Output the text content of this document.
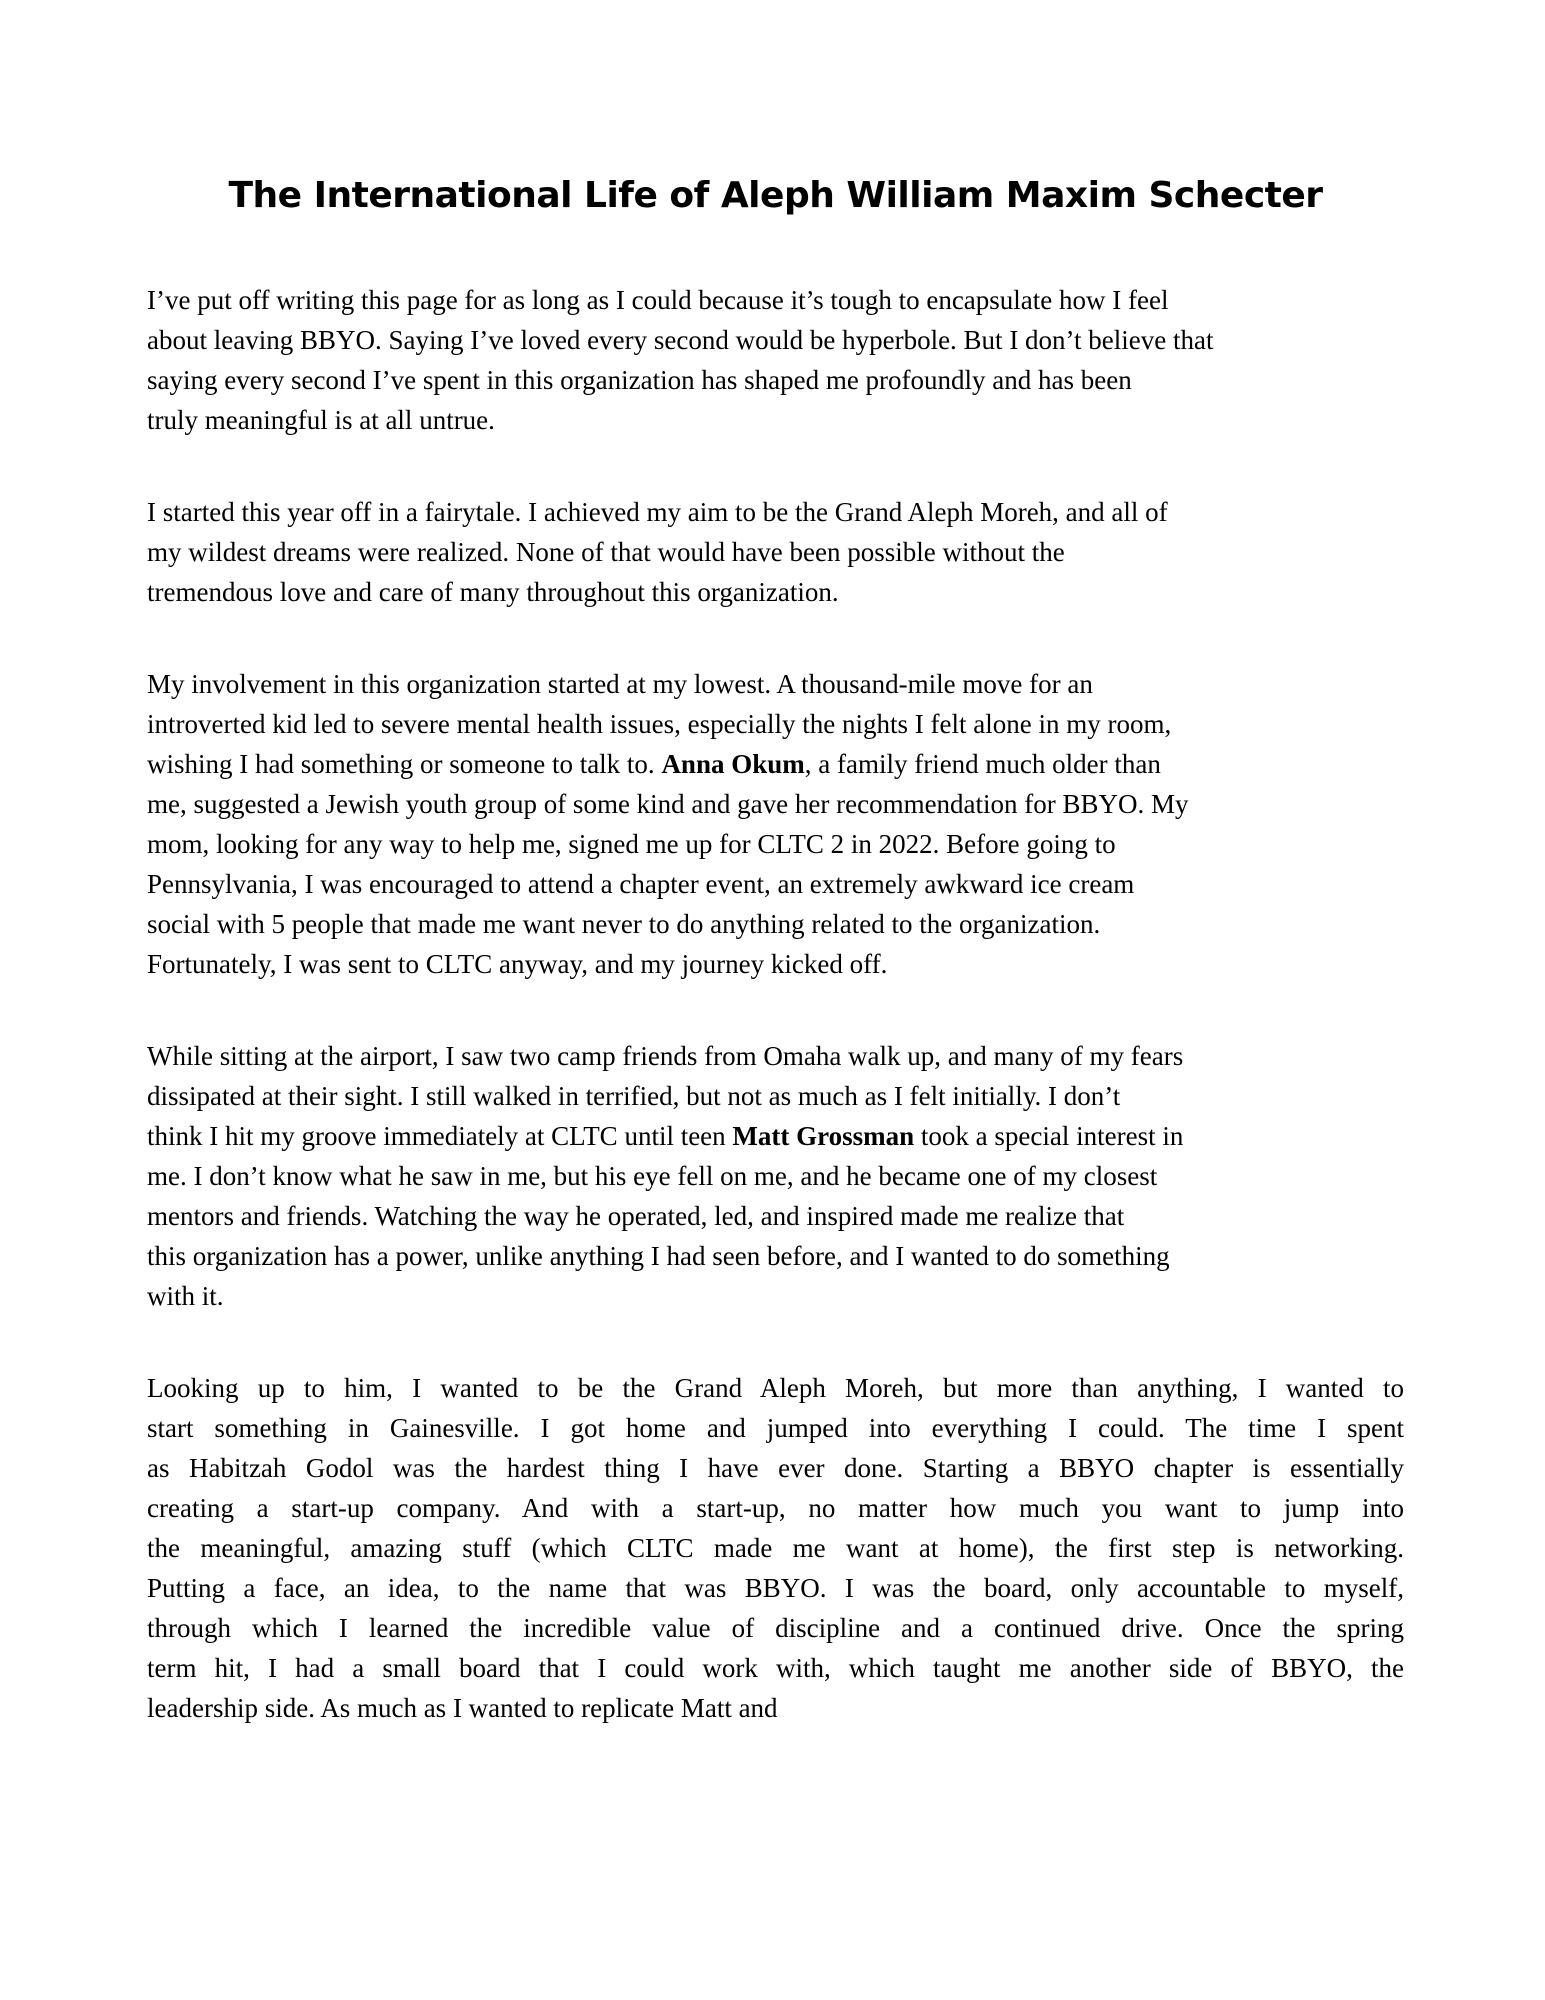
The International Life of Aleph William Maxim Schecter

I’ve put off writing this page for as long as I could because it’s tough to encapsulate how I feel
about leaving BBYO. Saying I’ve loved every second would be hyperbole. But I don’t believe that
saying every second I’ve spent in this organization has shaped me profoundly and has been
truly meaningful is at all untrue.

I started this year off in a fairytale. I achieved my aim to be the Grand Aleph Moreh, and all of
my wildest dreams were realized. None of that would have been possible without the
tremendous love and care of many throughout this organization.

My involvement in this organization started at my lowest. A thousand-mile move for an
introverted kid led to severe mental health issues, especially the nights I felt alone in my room,
wishing I had something or someone to talk to. Anna Okum, a family friend much older than
me, suggested a Jewish youth group of some kind and gave her recommendation for BBYO. My
mom, looking for any way to help me, signed me up for CLTC 2 in 2022. Before going to
Pennsylvania, I was encouraged to attend a chapter event, an extremely awkward ice cream
social with 5 people that made me want never to do anything related to the organization.
Fortunately, I was sent to CLTC anyway, and my journey kicked off.

While sitting at the airport, I saw two camp friends from Omaha walk up, and many of my fears
dissipated at their sight. I still walked in terrified, but not as much as I felt initially. I don’t
think I hit my groove immediately at CLTC until teen Matt Grossman took a special interest in
me. I don’t know what he saw in me, but his eye fell on me, and he became one of my closest
mentors and friends. Watching the way he operated, led, and inspired made me realize that
this organization has a power, unlike anything I had seen before, and I wanted to do something
with it.

Looking up to him, I wanted to be the Grand Aleph Moreh, but more than anything, I wanted to
start something in Gainesville. I got home and jumped into everything I could. The time I spent
as Habitzah Godol was the hardest thing I have ever done. Starting a BBYO chapter is essentially
creating a start-up company. And with a start-up, no matter how much you want to jump into
the meaningful, amazing stuff (which CLTC made me want at home), the first step is networking.
Putting a face, an idea, to the name that was BBYO. I was the board, only accountable to myself,
through which I learned the incredible value of discipline and a continued drive. Once the spring
term hit, I had a small board that I could work with, which taught me another side of BBYO, the
leadership side. As much as I wanted to replicate Matt and
